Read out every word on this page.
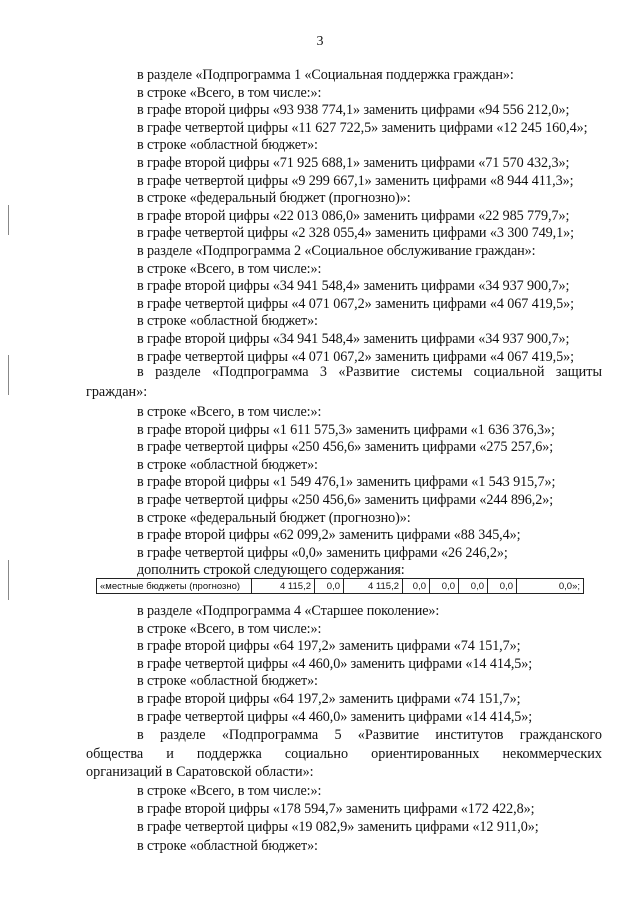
3
в разделе «Подпрограмма 1 «Социальная поддержка граждан»:
в строке «Всего, в том числе:»:
в графе второй цифры «93 938 774,1» заменить цифрами «94 556 212,0»;
в графе четвертой цифры «11 627 722,5» заменить цифрами «12 245 160,4»;
в строке «областной бюджет»:
в графе второй цифры «71 925 688,1» заменить цифрами «71 570 432,3»;
в графе четвертой цифры «9 299 667,1» заменить цифрами «8 944 411,3»;
в строке «федеральный бюджет (прогнозно)»:
в графе второй цифры «22 013 086,0» заменить цифрами «22 985 779,7»;
в графе четвертой цифры «2 328 055,4» заменить цифрами «3 300 749,1»;
в разделе «Подпрограмма 2 «Социальное обслуживание граждан»:
в строке «Всего, в том числе:»:
в графе второй цифры «34 941 548,4» заменить цифрами «34 937 900,7»;
в графе четвертой цифры «4 071 067,2» заменить цифрами «4 067 419,5»;
в строке «областной бюджет»:
в графе второй цифры «34 941 548,4» заменить цифрами «34 937 900,7»;
в графе четвертой цифры «4 071 067,2» заменить цифрами «4 067 419,5»;
в разделе «Подпрограмма 3 «Развитие системы социальной защиты
граждан»:
в строке «Всего, в том числе:»:
в графе второй цифры «1 611 575,3» заменить цифрами «1 636 376,3»;
в графе четвертой цифры «250 456,6» заменить цифрами «275 257,6»;
в строке «областной бюджет»:
в графе второй цифры «1 549 476,1» заменить цифрами «1 543 915,7»;
в графе четвертой цифры «250 456,6» заменить цифрами «244 896,2»;
в строке «федеральный бюджет (прогнозно)»:
в графе второй цифры «62 099,2» заменить цифрами «88 345,4»;
в графе четвертой цифры «0,0» заменить цифрами «26 246,2»;
дополнить строкой следующего содержания:
«местные бюджеты (прогнозно)	4 115,2	0,0	4 115,2	0,0	0,0	0,0	0,0	0,0»;
в разделе «Подпрограмма 4 «Старшее поколение»:
в строке «Всего, в том числе:»:
в графе второй цифры «64 197,2» заменить цифрами «74 151,7»;
в графе четвертой цифры «4 460,0» заменить цифрами «14 414,5»;
в строке «областной бюджет»:
в графе второй цифры «64 197,2» заменить цифрами «74 151,7»;
в графе четвертой цифры «4 460,0» заменить цифрами «14 414,5»;
в разделе «Подпрограмма 5 «Развитие институтов гражданского
общества и поддержка социально ориентированных некоммерческих
организаций в Саратовской области»:
в строке «Всего, в том числе:»:
в графе второй цифры «178 594,7» заменить цифрами «172 422,8»;
в графе четвертой цифры «19 082,9» заменить цифрами «12 911,0»;
в строке «областной бюджет»:
